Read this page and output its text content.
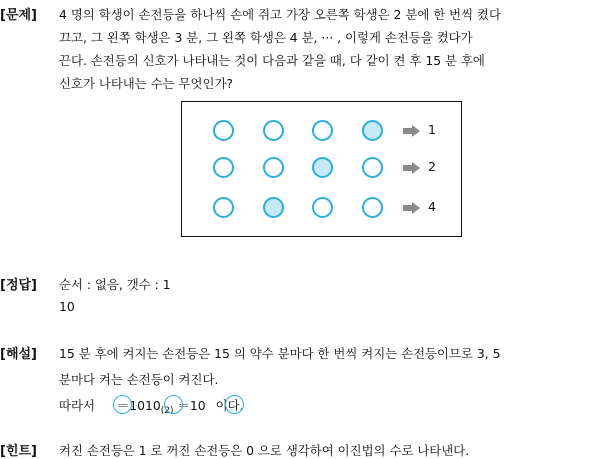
[문제] 4 명의 학생이 손전등을 하나씩 손에 쥐고 가장 오른쪽 학생은 2 분에 한 번씩 켰다
끄고, 그 왼쪽 학생은 3 분, 그 왼쪽 학생은 4 분, ··· , 이렇게 손전등을 켰다가
끈다. 손전등의 신호가 나타내는 것이 다음과 같을 때, 다 같이 켠 후 15 분 후에
신호가 나타내는 수는 무엇인가?
1
2
4
[정답] 순서 : 없음, 갯수 : 1
10
[해설] 15 분 후에 켜지는 손전등은 15 의 약수 분마다 한 번씩 켜지는 손전등이므로 3, 5
분마다 켜는 손전등이 켜진다.
따라서 $=1010_{(2)} =10$ 이다.
[힌트] 켜진 손전등은 1 로 꺼진 손전등은 0 으로 생각하여 이진법의 수로 나타낸다.
